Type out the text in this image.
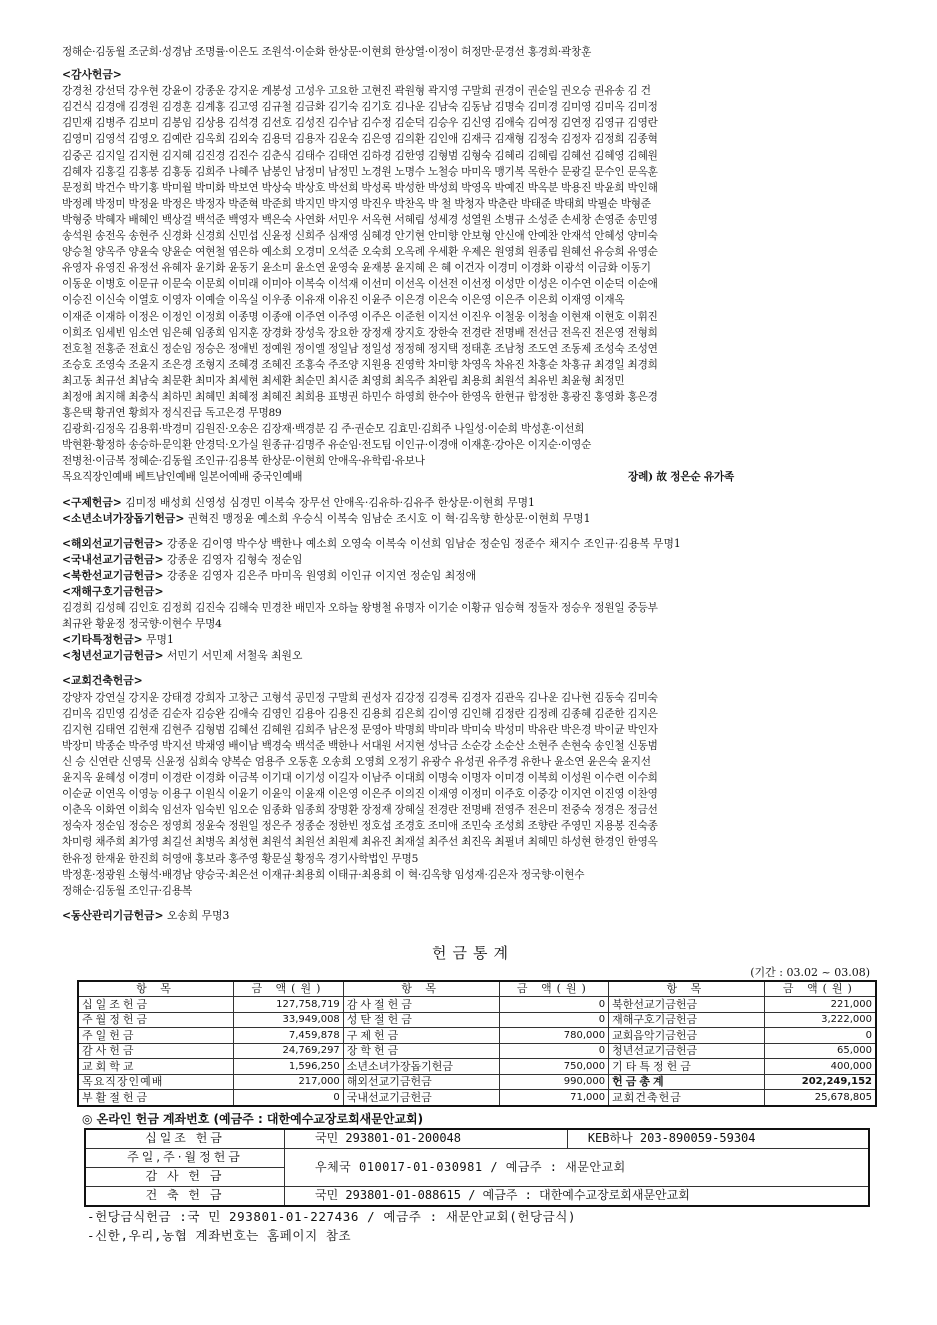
정해순·김동월 조군희·성경남 조명률·이은도 조원석·이순화 한상문·이현희 한상열·이정이 허정만·문경선 홍경희·곽창훈
<감사헌금>
강경천 강선덕 강우현 강윤이 강종운 강지운 계봉성 고성우 고요한 고현진 곽원형 곽지영 구말희 권경이 권순일 권오승 권유송 김 건
김건식 김경애 김경원 김경훈 김계홍 김고영 김규철 김금화 김기숙 김기호 김나운 김남숙 김동남 김명숙 김미경 김미영 김미옥 김미정
김민재 김병주 김보미 김봉임 김상용 김석경 김선호 김성진 김수남 김수정 김순덕 김승우 김신영 김애숙 김여정 김연정 김영규 김영란
김영미 김영석 김영오 김예란 김옥희 김외숙 김용덕 김용자 김운숙 김은영 김의환 김인애 김재극 김재형 김정숙 김정자 김정희 김종혁
김중곤 김지일 김지현 김지혜 김진경 김진수 김춘식 김태수 김태연 김하경 김한영 김형범 김형숙 김혜리 김혜림 김혜선 김혜영 김혜원
김혜자 김홍길 김홍봉 김홍동 김희주 나혜주 남봉인 남정미 남정민 노경원 노명수 노철승 마미옥 맹기복 목한수 문광길 문수인 문옥훈
문정희 박건수 박기홍 박미월 박미화 박보연 박상숙 박상호 박선희 박성록 박성한 박성희 박영옥 박예진 박옥분 박용진 박윤희 박인해
박정례 박정미 박정윤 박정은 박정자 박준혁 박준희 박지민 박지영 박진우 박찬옥 박 철 박청자 박춘란 박태준 박태희 박필순 박형준
박형중 박혜자 배혜인 백상걸 백석준 백영자 백은숙 사연화 서민우 서옥현 서혜림 성세경 성열원 소병규 소성준 손세창 손영준 송민영
송석원 송전옥 송현주 신경화 신경희 신민섭 신윤정 신희주 심재영 심혜경 안기현 안미향 안보형 안신애 안예찬 안재석 안혜성 양미숙
양승철 양옥주 양윤숙 양윤순 여현철 염은하 예소희 오경미 오석준 오숙희 오옥례 우세환 우제은 원영희 원종림 원혜선 유승희 유영순
유영자 유영진 유정선 유혜자 윤기화 윤동기 윤소미 윤소연 윤영숙 윤재봉 윤지혜 은 혜 이건자 이경미 이경화 이광석 이금화 이동기
이동운 이병호 이문규 이문숙 이문희 이미래 이미아 이복숙 이석재 이선미 이선옥 이선전 이선정 이성만 이성은 이수연 이순덕 이순애
이승진 이신숙 이열호 이영자 이예슬 이옥실 이우종 이유재 이유진 이윤주 이은경 이은숙 이은영 이은주 이은희 이재영 이재옥
이재준 이재하 이정은 이정인 이정희 이종명 이종애 이주연 이주영 이주은 이준헌 이지선 이진우 이철웅 이청솔 이현재 이현호 이휘진
이희조 임세빈 임소연 임은혜 임종희 임지훈 장경화 장성욱 장요한 장정재 장지호 장한숙 전경란 전명배 전선금 전옥진 전은영 전형희
전호철 전홍준 전효신 정순임 정승은 정애빈 정예원 정이엘 정일남 정일성 정정혜 정지택 정태훈 조남청 조도연 조동제 조성숙 조성연
조승호 조영숙 조윤지 조은경 조형지 조혜경 조혜진 조홍숙 주조양 지원용 진영학 차미향 차영옥 차유진 차홍순 차홍규 최경일 최경희
최고동 최규선 최남숙 최문환 최미자 최세현 최세환 최순민 최시준 최영희 최옥주 최완림 최용희 최원석 최유빈 최윤형 최정민
최정애 최지해 최충식 최하민 최혜민 최혜정 최혜진 최희용 표병권 하민수 하영희 한수아 한영옥 한현규 함정한 홍광진 홍영화 홍은경
홍은택 황귀연 황희자 정식진급 독고은경 무명89
김광희·김정옥 김용휘·박경미 김원진·오송은 김장재·백경분 김 주·권순모 김효민·김희주 나일성·이순희 박성훈·이선희
박현환·황정하 송승하·문익환 안경덕·오가실 원종규·김명주 유순임·전도팀 이인규·이경애 이재훈·강아은 이지순·이영순
전병천·이금복 정혜순·김동월 조인규·김용복 한상문·이현희 안애옥·유학림·유보나
목요직장인예배 베트남인예배 일본어예배 중국인예배	장례) 故 정은순 유가족
<구제헌금> 김미정 배성희 신영성 심경민 이복숙 장무선 안애옥·김유하·김유주 한상문·이현희 무명1
<소년소녀가장돕기헌금> 권혁진 맹정윤 예소희 우승식 이복숙 임남순 조시호 이 혁·김옥향 한상문·이현희 무명1
<해외선교기금헌금> 강종운 김이영 박수상 백한나 예소희 오영숙 이복숙 이선희 임남순 정순임 정준수 채지수 조인규·김용복 무명1
<국내선교기금헌금> 강종운 김영자 김형숙 정순임
<북한선교기금헌금> 강종운 김영자 김은주 마미옥 원영희 이인규 이지연 정순임 최정애
<재해구호기금헌금>
김경희 김성혜 김인호 김정희 김진숙 김해숙 민경찬 배민자 오하늘 왕병철 유명자 이기순 이황규 임승혁 정둘자 정승우 정원일 중등부
최규완 황윤정 정국향·이현수 무명4
<기타특정헌금> 무명1
<청년선교기금헌금> 서민기 서민제 서철욱 최원오
<교회건축헌금>
강양자 강연실 강지운 강태경 강희자 고창근 고형석 공민정 구말희 권성자 김강정 김경록 김경자 김관옥 김나운 김나현 김동숙 김미숙
김미옥 김민영 김성준 김순자 김승완 김애숙 김영인 김용아 김용진 김용희 김은희 김이영 김인해 김정란 김정례 김종혜 김준한 김지은
김지현 김태연 김현재 김현주 김형범 김혜선 김혜원 김희주 남은정 문영아 박명희 박미라 박미숙 박성미 박유란 박은경 박이균 박인자
박장미 박종순 박주영 박지선 박채영 배이남 백경숙 백석준 백한나 서대원 서지현 성낙금 소순강 소순산 소현주 손현숙 송인철 신동범
신 승 신연란 신영묵 신윤정 심희숙 양복순 엄용주 오동훈 오송희 오영희 오정기 유광수 유성권 유주경 유한나 윤소연 윤은숙 윤지선
윤지옥 윤혜성 이경미 이경란 이경화 이금복 이기대 이기성 이길자 이남주 이대희 이명숙 이명자 이미경 이복희 이성원 이수련 이수희
이순균 이연옥 이영능 이용구 이원식 이윤기 이윤익 이윤재 이은영 이은주 이의진 이재영 이정미 이주호 이중강 이지연 이진영 이찬영
이춘옥 이화연 이희숙 임선자 임숙빈 임오순 임종화 임종희 장명환 장정재 장혜실 전경란 전명배 전영주 전은미 전중숙 정경은 정금선
정숙자 정순임 정승은 정영희 정윤숙 정원일 정은주 정종순 정한빈 정호섭 조경호 조미애 조민숙 조성희 조향란 주영민 지용봉 진숙종
차미령 채주희 최가영 최길선 최병옥 최성현 최원석 최원선 최원제 최유진 최재설 최주선 최진옥 최필녀 최혜민 하성현 한경인 한영옥
한유정 한재윤 한진희 허영애 홍보라 홍주영 황문실 황정옥 경기사학법인 무명5
박정훈·정광원 소형석·배경남 양승국·최은선 이재규·최용희 이태규·최용희 이 혁·김옥향 임성재·김은자 정국향·이현수
정해순·김동월 조인규·김용복
<동산관리기금헌금> 오송희 무명3
헌금통계
(기간 : 03.02 ~ 03.08)
항 목	금 액(원)	항 목	금 액(원)	항 목	금 액(원)
십일조헌금	127,758,719	감사절헌금	0	북한선교기금헌금	221,000
주월정헌금	33,949,008	성탄절헌금	0	재해구호기금헌금	3,222,000
주일헌금	7,459,878	구제헌금	780,000	교회음악기금헌금	0
감사헌금	24,769,297	장학헌금	0	청년선교기금헌금	65,000
교회학교	1,596,250	소년소녀가장돕기헌금	750,000	기타특정헌금	400,000
목요직장인예배	217,000	해외선교기금헌금	990,000	헌금총계	202,249,152
부활절헌금	0	국내선교기금헌금	71,000	교회건축헌금	25,678,805
◎ 온라인 헌금 계좌번호 (예금주 : 대한예수교장로회새문안교회)
십일조 헌금	국민 293801-01-200048	KEB하나 203-890059-59304
주일,주·월정헌금	우체국 010017-01-030981 / 예금주 : 새문안교회	
감 사 헌 금		
건 축 헌 금	국민 293801-01-088615 / 예금주 : 대한예수교장로회새문안교회	
-헌당금식헌금 :국 민 293801-01-227436 / 예금주 : 새문안교회(헌당금식)
-신한,우리,농협 계좌번호는 홈페이지 참조
